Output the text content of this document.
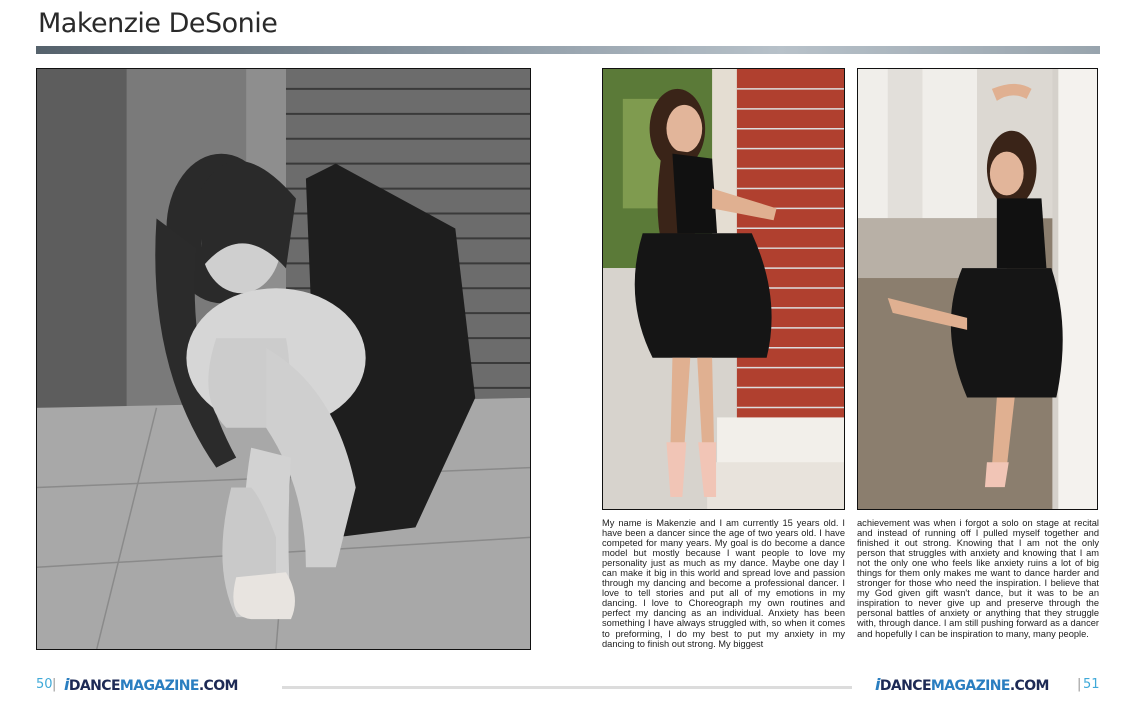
Makenzie DeSonie
My name is Makenzie and I am currently 15 years old. I have been a dancer since the age of two years old. I have competed for many years. My goal is do become a dance model but mostly because I want people to love my personality just as much as my dance. Maybe one day I can make it big in this world and spread love and passion through my dancing and become a professional dancer. I love to tell stories and put all of my emotions in my dancing. I love to Choreograph my own routines and perfect my dancing as an individual. Anxiety has been something I have always struggled with, so when it comes to preforming, I do my best to put my anxiety in my dancing to finish out strong. My biggest
achievement was when i forgot a solo on stage at recital and instead of running off I pulled myself together and finished it out strong. Knowing that I am not the only person that struggles with anxiety and knowing that I am not the only one who feels like anxiety ruins a lot of big things for them only makes me want to dance harder and stronger for those who need the inspiration. I believe that my God given gift wasn't dance, but it was to be an inspiration to never give up and preserve through the personal battles of anxiety or anything that they struggle with, through dance. I am still pushing forward as a dancer and hopefully I can be inspiration to many, many people.
50 | iDANCEMAGAZINE.COM	iDANCEMAGAZINE.COM | 51
